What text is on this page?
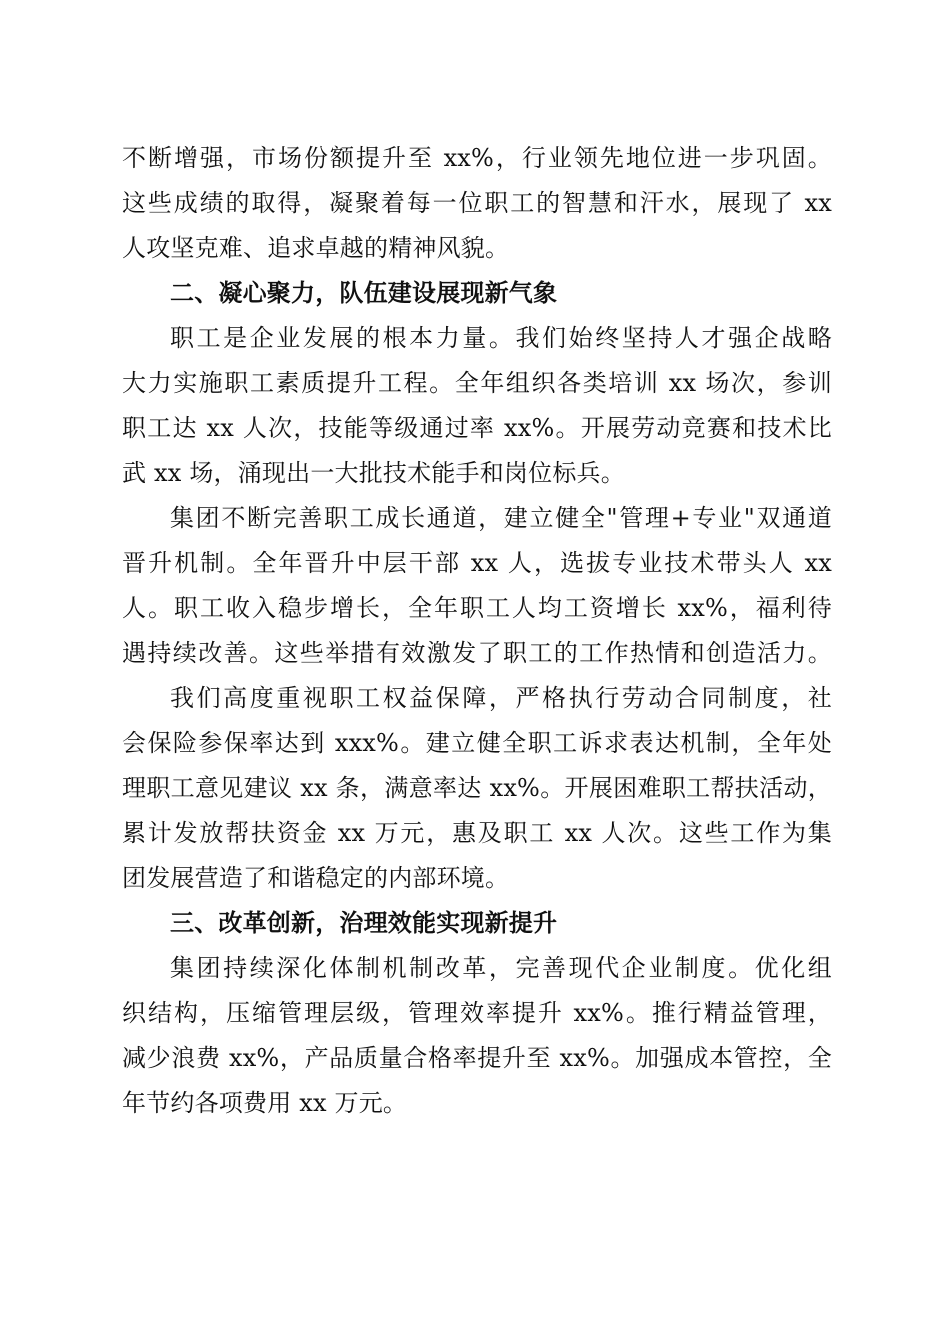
不断增强，市场份额提升至 xx%，行业领先地位进一步巩固。
这些成绩的取得，凝聚着每一位职工的智慧和汗水，展现了 xx
人攻坚克难、追求卓越的精神风貌。
二、凝心聚力，队伍建设展现新气象
职工是企业发展的根本力量。我们始终坚持人才强企战略
大力实施职工素质提升工程。全年组织各类培训 xx 场次，参训
职工达 xx 人次，技能等级通过率 xx%。开展劳动竞赛和技术比
武 xx 场，涌现出一大批技术能手和岗位标兵。
集团不断完善职工成长通道，建立健全"管理+专业"双通道
晋升机制。全年晋升中层干部 xx 人，选拔专业技术带头人 xx
人。职工收入稳步增长，全年职工人均工资增长 xx%，福利待
遇持续改善。这些举措有效激发了职工的工作热情和创造活力。
我们高度重视职工权益保障，严格执行劳动合同制度，社
会保险参保率达到 xxx%。建立健全职工诉求表达机制，全年处
理职工意见建议 xx 条，满意率达 xx%。开展困难职工帮扶活动，
累计发放帮扶资金 xx 万元，惠及职工 xx 人次。这些工作为集
团发展营造了和谐稳定的内部环境。
三、改革创新，治理效能实现新提升
集团持续深化体制机制改革，完善现代企业制度。优化组
织结构，压缩管理层级，管理效率提升 xx%。推行精益管理，
减少浪费 xx%，产品质量合格率提升至 xx%。加强成本管控，全
年节约各项费用 xx 万元。
